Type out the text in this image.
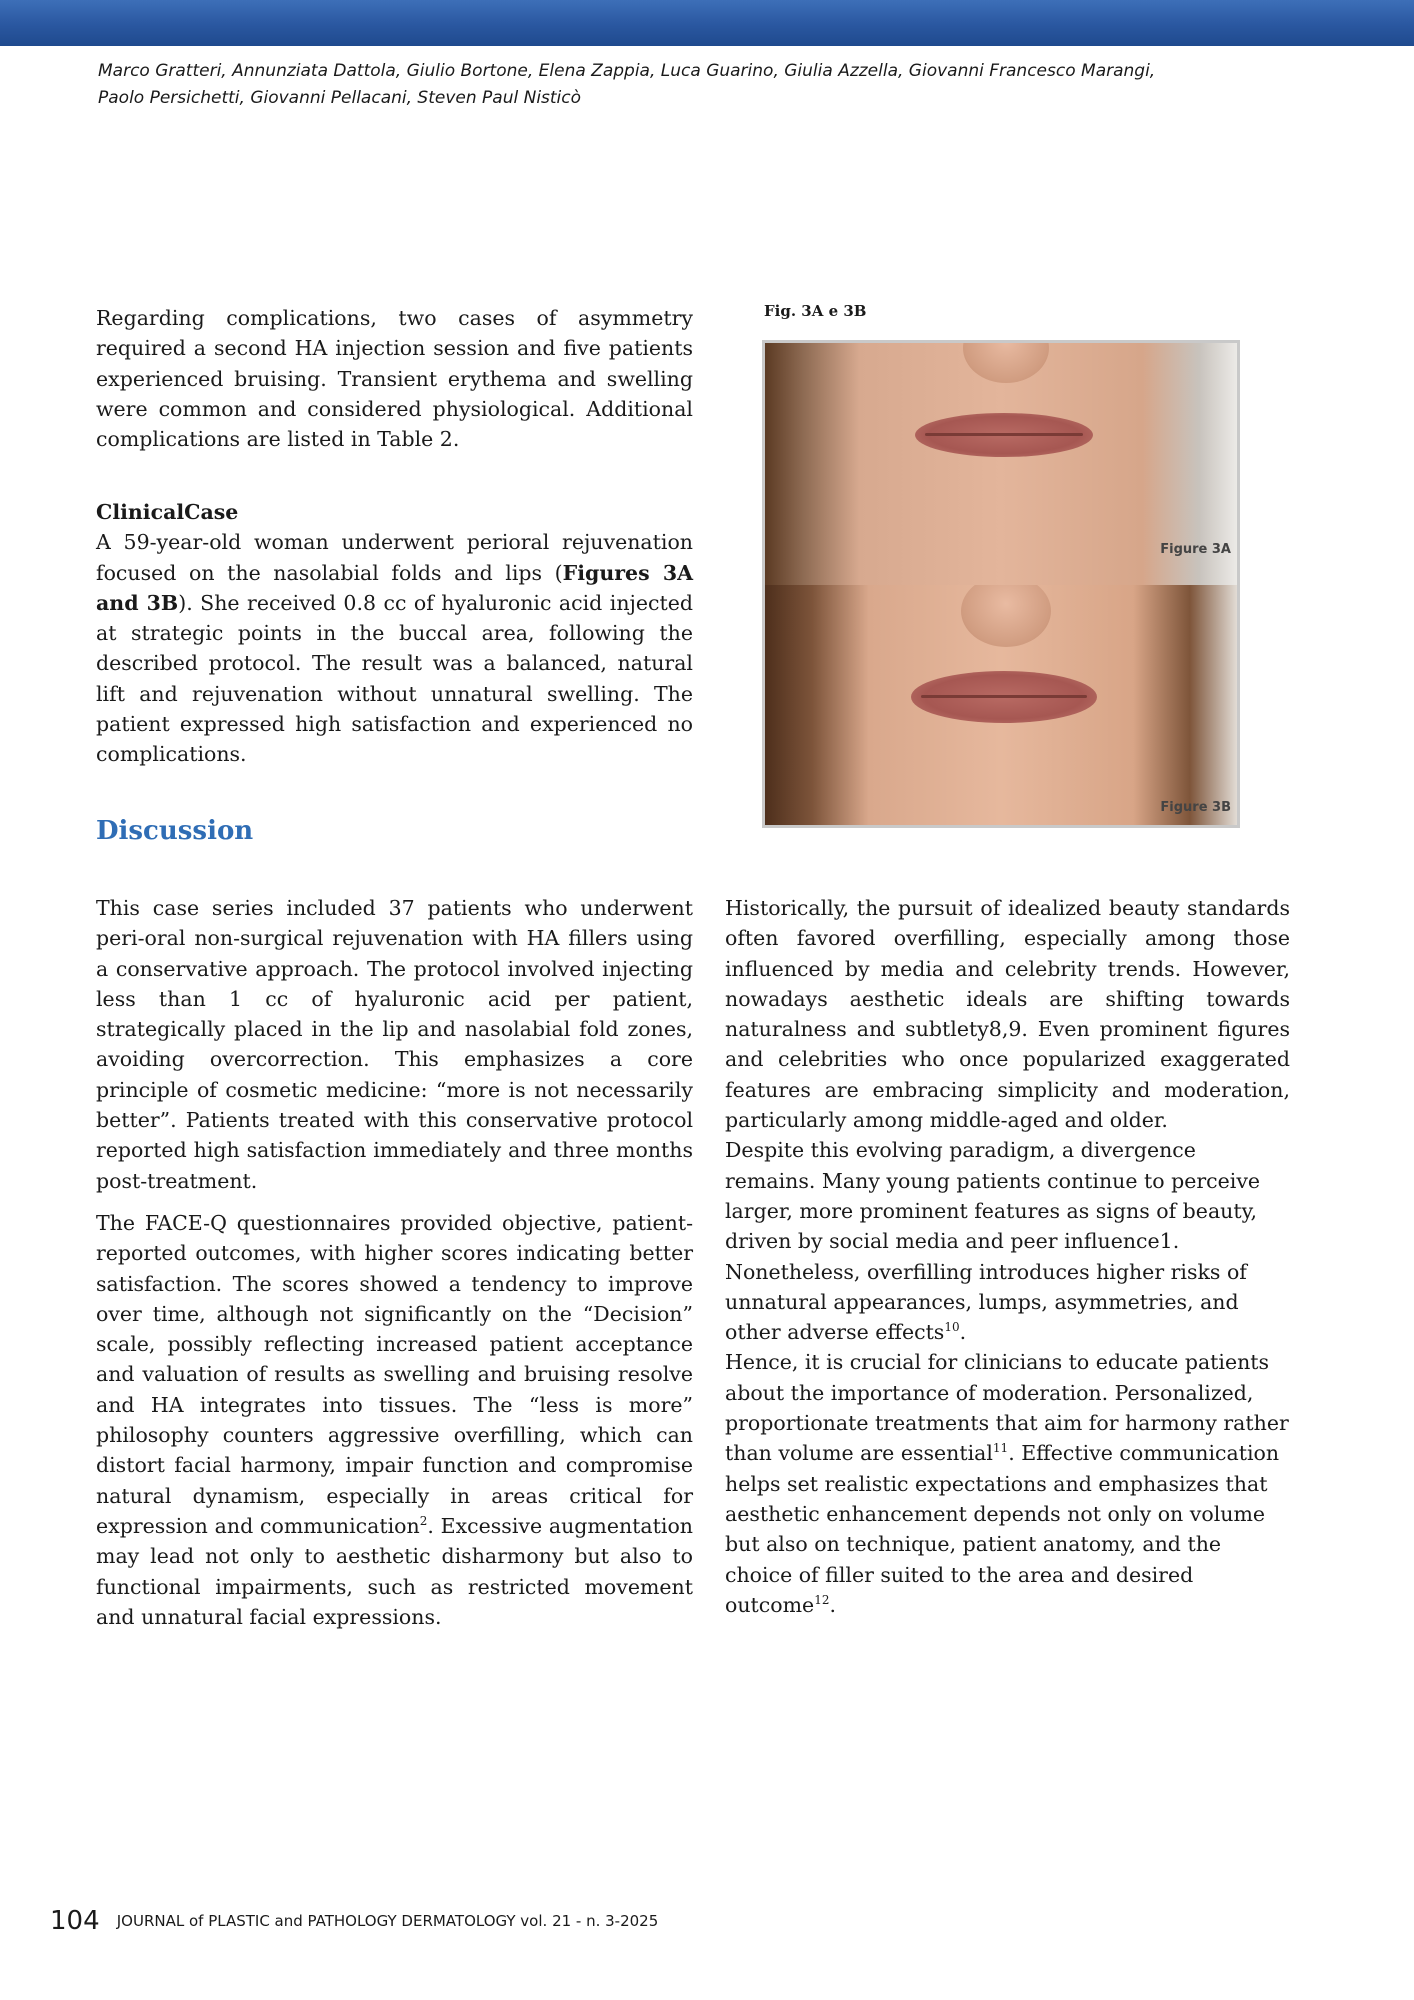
Marco Gratteri, Annunziata Dattola, Giulio Bortone, Elena Zappia, Luca Guarino, Giulia Azzella, Giovanni Francesco Marangi,
Paolo Persichetti, Giovanni Pellacani, Steven Paul Nisticò

Regarding complications, two cases of asymmetry required a second HA injection session and five patients experienced bruising. Transient erythema and swelling were common and considered physiological. Additional complications are listed in Table 2.

ClinicalCase

A 59-year-old woman underwent perioral rejuvenation focused on the nasolabial folds and lips (Figures 3A and 3B). She received 0.8 cc of hyaluronic acid injected at strategic points in the buccal area, following the described protocol. The result was a balanced, natural lift and rejuvenation without unnatural swelling. The patient expressed high satisfaction and experienced no complications.

Discussion

This case series included 37 patients who underwent peri-oral non-surgical rejuvenation with HA fillers using a conservative approach. The protocol involved injecting less than 1 cc of hyaluronic acid per patient, strategically placed in the lip and nasolabial fold zones, avoiding overcorrection. This emphasizes a core principle of cosmetic medicine: “more is not necessarily better”. Patients treated with this conservative protocol reported high satisfaction immediately and three months post-treatment.

The FACE-Q questionnaires provided objective, patient-reported outcomes, with higher scores indicating better satisfaction. The scores showed a tendency to improve over time, although not significantly on the “Decision” scale, possibly reflecting increased patient acceptance and valuation of results as swelling and bruising resolve and HA integrates into tissues. The “less is more” philosophy counters aggressive overfilling, which can distort facial harmony, impair function and compromise natural dynamism, especially in areas critical for expression and communication$^2$. Excessive augmentation may lead not only to aesthetic disharmony but also to functional impairments, such as restricted movement and unnatural facial expressions.

Fig. 3A e 3B
Figure 3A
Figure 3B

Historically, the pursuit of idealized beauty standards often favored overfilling, especially among those influenced by media and celebrity trends. However, nowadays aesthetic ideals are shifting towards naturalness and subtlety8,9. Even prominent figures and celebrities who once popularized exaggerated features are embracing simplicity and moderation, particularly among middle-aged and older.

Despite this evolving paradigm, a divergence remains. Many young patients continue to perceive larger, more prominent features as signs of beauty, driven by social media and peer influence1.

Nonetheless, overfilling introduces higher risks of unnatural appearances, lumps, asymmetries, and other adverse effects$^{10}$.

Hence, it is crucial for clinicians to educate patients about the importance of moderation. Personalized, proportionate treatments that aim for harmony rather than volume are essential$^{11}$. Effective communication helps set realistic expectations and emphasizes that aesthetic enhancement depends not only on volume but also on technique, patient anatomy, and the choice of filler suited to the area and desired outcome$^{12}$.

104 JOURNAL of PLASTIC and PATHOLOGY DERMATOLOGY vol. 21 - n. 3-2025
